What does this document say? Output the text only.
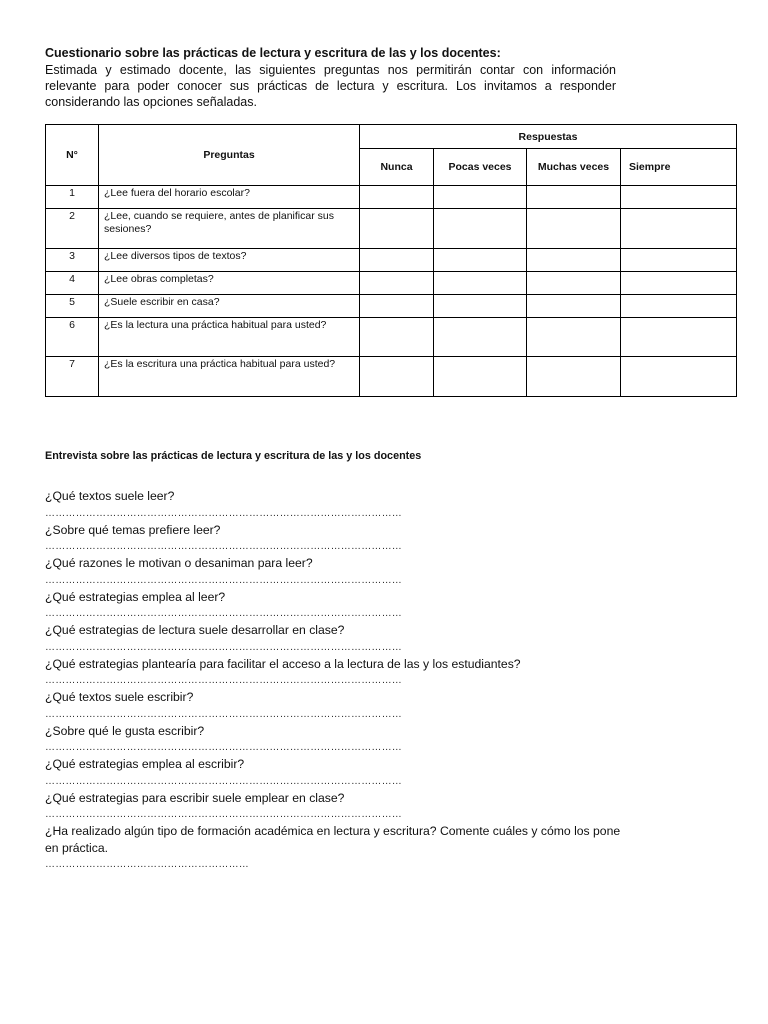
Cuestionario sobre las prácticas de lectura y escritura de las y los docentes:

Estimada y estimado docente, las siguientes preguntas nos permitirán contar con información relevante para poder conocer sus prácticas de lectura y escritura. Los invitamos a responder considerando las opciones señaladas.

N°	Preguntas	Respuestas			
		Nunca	Pocas veces	Muchas veces	Siempre
1	¿Lee fuera del horario escolar?				
2	¿Lee, cuando se requiere, antes de planificar sus sesiones?				
3	¿Lee diversos tipos de textos?				
4	¿Lee obras completas?				
5	¿Suele escribir en casa?				
6	¿Es la lectura una práctica habitual para usted?				
7	¿Es la escritura una práctica habitual para usted?				

Entrevista sobre las prácticas de lectura y escritura de las y los docentes

¿Qué textos suele leer?

……………………………………………………………………………………………

¿Sobre qué temas prefiere leer?

……………………………………………………………………………………………

¿Qué razones le motivan o desaniman para leer?

……………………………………………………………………………………………

¿Qué estrategias emplea al leer?

……………………………………………………………………………………………

¿Qué estrategias de lectura suele desarrollar en clase?

……………………………………………………………………………………………

¿Qué estrategias plantearía para facilitar el acceso a la lectura de las y los estudiantes?

……………………………………………………………………………………………

¿Qué textos suele escribir?

……………………………………………………………………………………………

¿Sobre qué le gusta escribir?

……………………………………………………………………………………………

¿Qué estrategias emplea al escribir?

……………………………………………………………………………………………

¿Qué estrategias para escribir suele emplear en clase?

……………………………………………………………………………………………

¿Ha realizado algún tipo de formación académica en lectura y escritura? Comente cuáles y cómo los pone en práctica.

……………………………………………………
